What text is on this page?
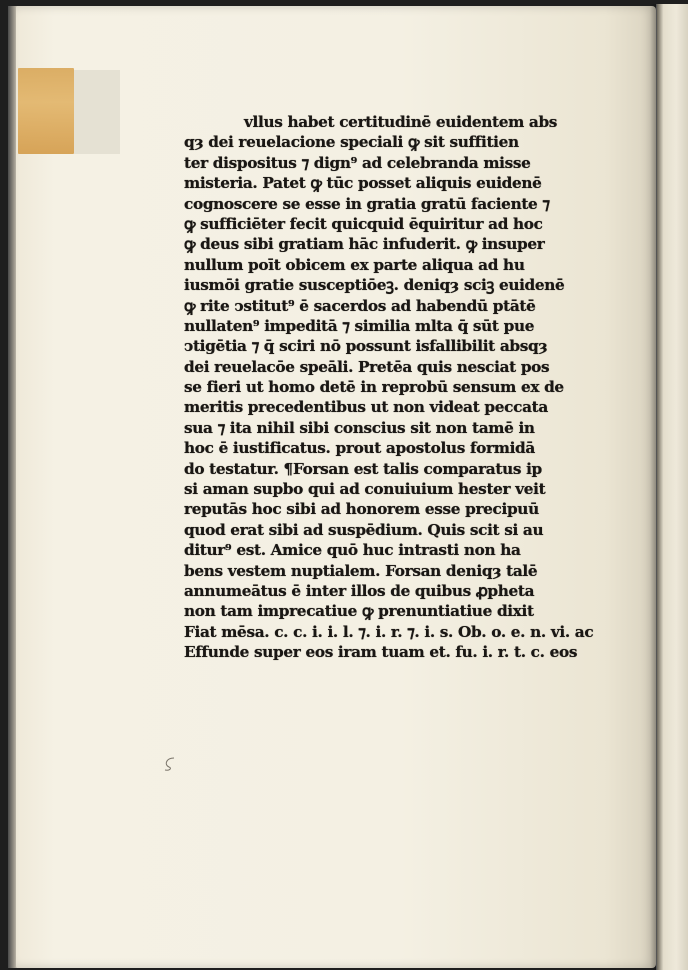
vllus habet certitudinē euidentem abs
qȝ dei reuelacione speciali ꝙ sit suffitien
ter dispositus ⁊ dign⁹ ad celebranda misse
misteria. Patet ꝙ tūc posset aliquis euidenē
cognoscere se esse in gratia gratū faciente ⁊
ꝙ sufficiēter fecit quicquid ēquiritur ad hoc
ꝙ deus sibi gratiam hāc infuderit. ꝙ insuper
nullum poīt obicem ex parte aliqua ad hu
iusmōi gratie susceptiōeꝫ. deniqȝ sciꝫ euidenē
ꝙ rite ↄstitut⁹ ē sacerdos ad habendū ptātē
nullaten⁹ impeditā ⁊ similia mlta q̄ sūt pue
ↄtigētia ⁊ q̄ sciri nō possunt isfallibilit absqȝ
dei reuelacōe speāli. Pretēa quis nesciat pos
se fieri ut homo detē in reprobū sensum ex de
meritis precedentibus ut non videat peccata
sua ⁊ ita nihil sibi conscius sit non tamē in
hoc ē iustificatus. prout apostolus formidā
do testatur. ¶Forsan est talis comparatus ip
si aman supbo qui ad conuiuium hester veit
reputās hoc sibi ad honorem esse precipuū
quod erat sibi ad suspēdium. Quis scit si au
ditur⁹ est. Amice quō huc intrasti non ha
bens vestem nuptialem. Forsan deniqȝ talē
annumeātus ē inter illos de quibus ꝓpheta
non tam imprecatiue ꝙ prenuntiatiue dixit
Fiat mēsa. c. c. i. i. l. ⁊. i. r. ⁊. i. s. Ob. o. e. n. vi. ac
Effunde super eos iram tuam et. fu. i. r. t. c. eos
